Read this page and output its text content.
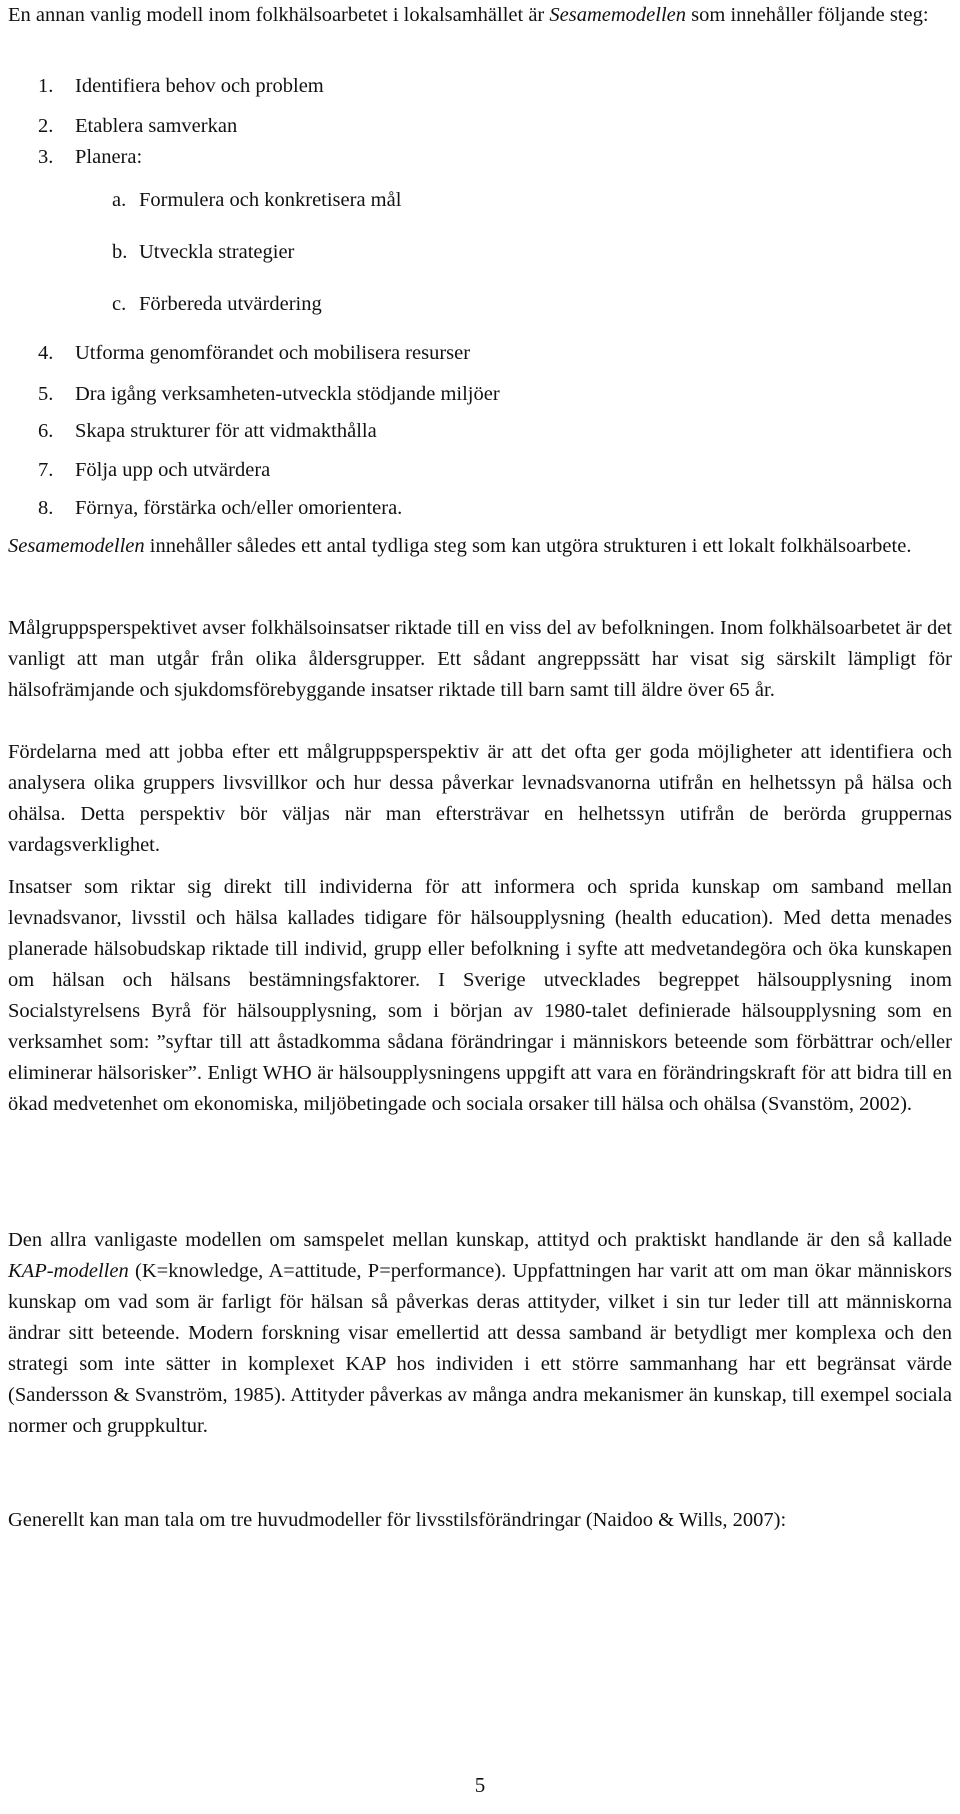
En annan vanlig modell inom folkhälsoarbetet i lokalsamhället är Sesamemodellen som innehåller följande steg:

1. Identifiera behov och problem

2. Etablera samverkan

3. Planera:

a. Formulera och konkretisera mål

b. Utveckla strategier

c. Förbereda utvärdering

4. Utforma genomförandet och mobilisera resurser

5. Dra igång verksamheten-utveckla stödjande miljöer

6. Skapa strukturer för att vidmakthålla

7. Följa upp och utvärdera

8. Förnya, förstärka och/eller omorientera.

Sesamemodellen innehåller således ett antal tydliga steg som kan utgöra strukturen i ett lokalt folkhälsoarbete.

Målgruppsperspektivet avser folkhälsoinsatser riktade till en viss del av befolkningen. Inom folkhälsoarbetet är det vanligt att man utgår från olika åldersgrupper. Ett sådant angreppssätt har visat sig särskilt lämpligt för hälsofrämjande och sjukdomsförebyggande insatser riktade till barn samt till äldre över 65 år.

Fördelarna med att jobba efter ett målgruppsperspektiv är att det ofta ger goda möjligheter att identifiera och analysera olika gruppers livsvillkor och hur dessa påverkar levnadsvanorna utifrån en helhetssyn på hälsa och ohälsa. Detta perspektiv bör väljas när man eftersträvar en helhetssyn utifrån de berörda gruppernas vardagsverklighet.

Insatser som riktar sig direkt till individerna för att informera och sprida kunskap om samband mellan levnadsvanor, livsstil och hälsa kallades tidigare för hälsoupplysning (health education). Med detta menades planerade hälsobudskap riktade till individ, grupp eller befolkning i syfte att medvetandegöra och öka kunskapen om hälsan och hälsans bestämningsfaktorer. I Sverige utvecklades begreppet hälsoupplysning inom Socialstyrelsens Byrå för hälsoupplysning, som i början av 1980-talet definierade hälsoupplysning som en verksamhet som: ”syftar till att åstadkomma sådana förändringar i människors beteende som förbättrar och/eller eliminerar hälsorisker”. Enligt WHO är hälsoupplysningens uppgift att vara en förändringskraft för att bidra till en ökad medvetenhet om ekonomiska, miljöbetingade och sociala orsaker till hälsa och ohälsa (Svanstöm, 2002).

Den allra vanligaste modellen om samspelet mellan kunskap, attityd och praktiskt handlande är den så kallade KAP-modellen (K=knowledge, A=attitude, P=performance). Uppfattningen har varit att om man ökar människors kunskap om vad som är farligt för hälsan så påverkas deras attityder, vilket i sin tur leder till att människorna ändrar sitt beteende. Modern forskning visar emellertid att dessa samband är betydligt mer komplexa och den strategi som inte sätter in komplexet KAP hos individen i ett större sammanhang har ett begränsat värde (Sandersson & Svanström, 1985). Attityder påverkas av många andra mekanismer än kunskap, till exempel sociala normer och gruppkultur.

Generellt kan man tala om tre huvudmodeller för livsstilsförändringar (Naidoo & Wills, 2007):

5
